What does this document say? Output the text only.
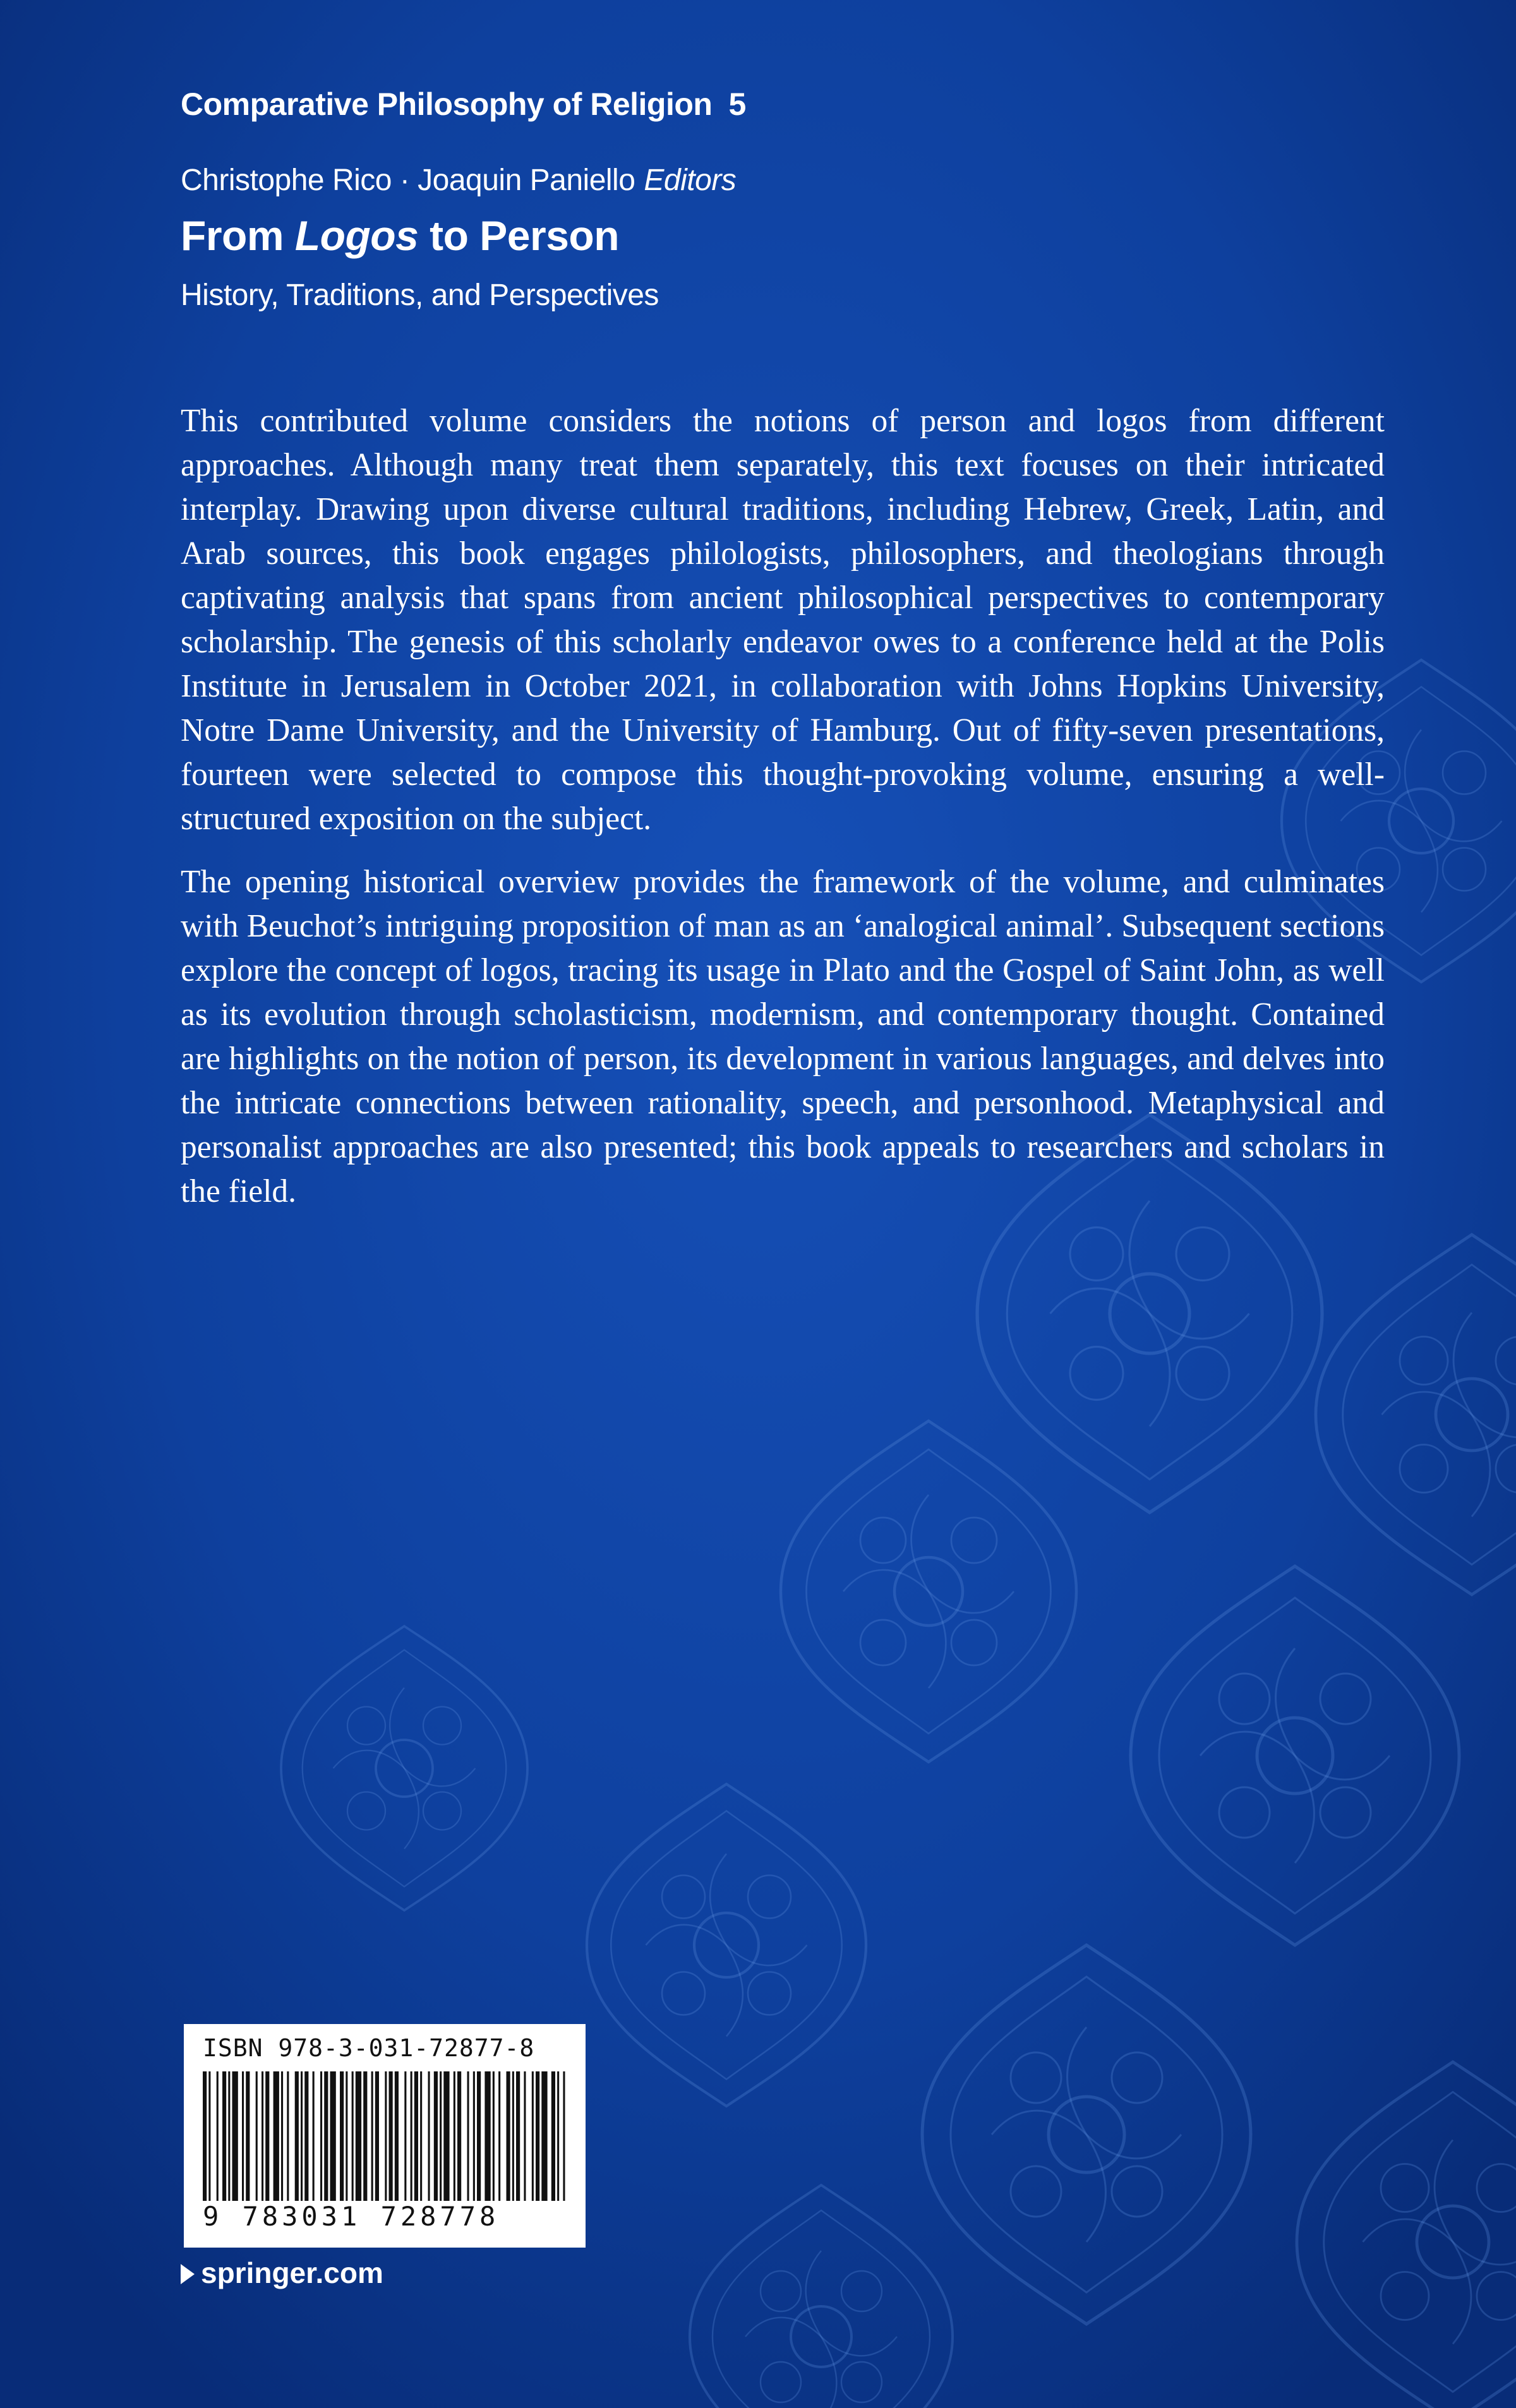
Comparative Philosophy of Religion 5
Christophe Rico · Joaquin Paniello Editors
From Logos to Person
History, Traditions, and Perspectives

This contributed volume considers the notions of person and logos from different approaches. Although many treat them separately, this text focuses on their intricated interplay. Drawing upon diverse cultural traditions, including Hebrew, Greek, Latin, and Arab sources, this book engages philologists, philosophers, and theologians through captivating analysis that spans from ancient philosophical perspectives to contemporary scholarship. The genesis of this scholarly endeavor owes to a conference held at the Polis Institute in Jerusalem in October 2021, in collaboration with Johns Hopkins University, Notre Dame University, and the University of Hamburg. Out of fifty-seven presentations, fourteen were selected to compose this thought-provoking volume, ensuring a well-structured exposition on the subject.

The opening historical overview provides the framework of the volume, and culminates with Beuchot’s intriguing proposition of man as an ‘analogical animal’. Subsequent sections explore the concept of logos, tracing its usage in Plato and the Gospel of Saint John, as well as its evolution through scholasticism, modernism, and contemporary thought. Contained are highlights on the notion of person, its development in various languages, and delves into the intricate connections between rationality, speech, and personhood. Metaphysical and personalist approaches are also presented; this book appeals to researchers and scholars in the field.

ISBN 978-3-031-72877-8
9 783031 728778
springer.com
